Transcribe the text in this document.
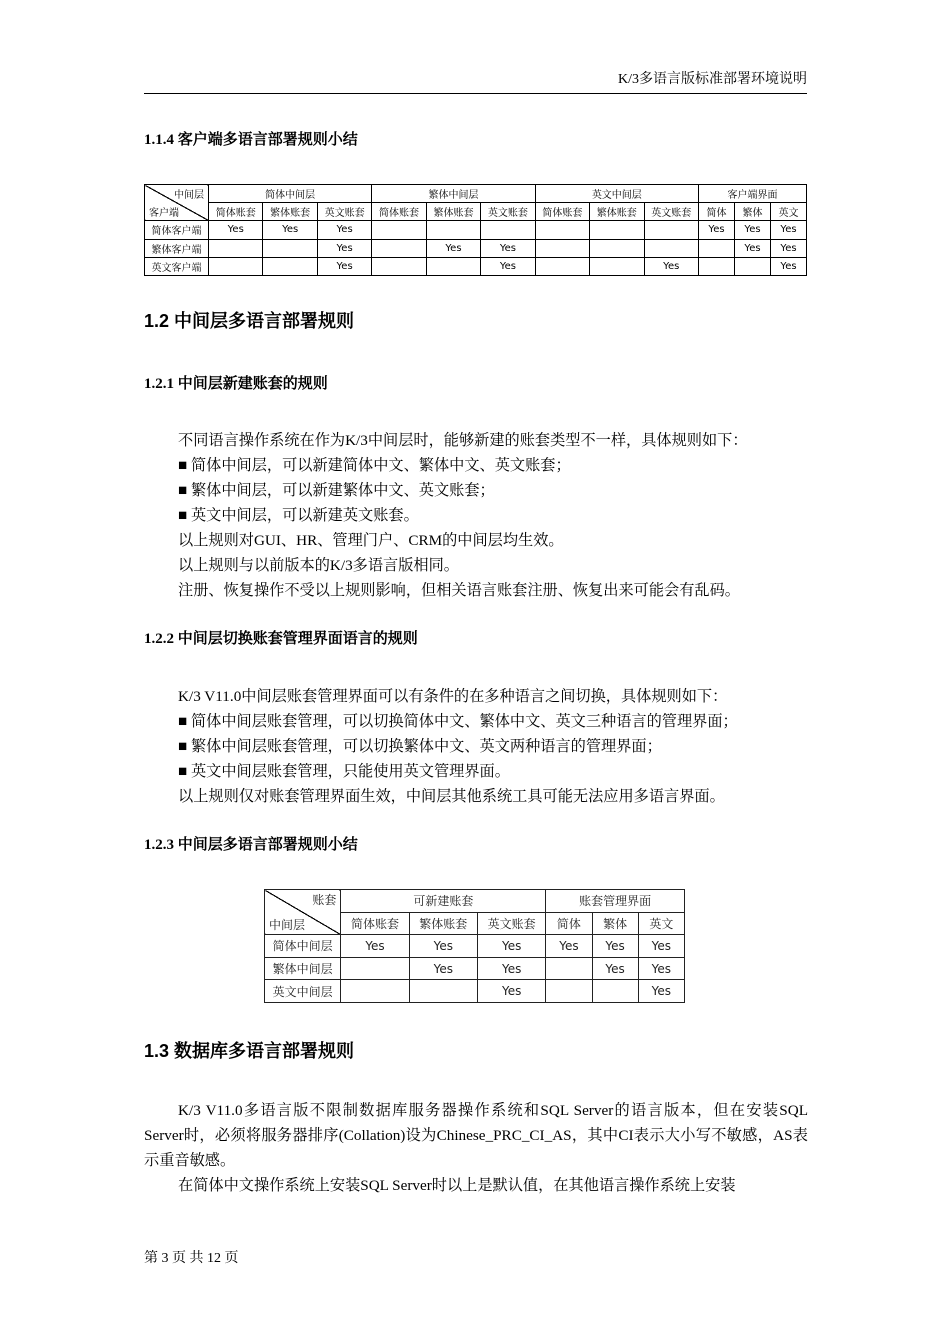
K/3多语言版标准部署环境说明
1.1.4 客户端多语言部署规则小结
中间层
客户端	简体中间层			繁体中间层			英文中间层			客户端界面		
	简体账套	繁体账套	英文账套	简体账套	繁体账套	英文账套	简体账套	繁体账套	英文账套	简体	繁体	英文
简体客户端	Yes	Yes	Yes							Yes	Yes	Yes
繁体客户端			Yes		Yes	Yes					Yes	Yes
英文客户端			Yes			Yes			Yes			Yes
1.2 中间层多语言部署规则
1.2.1 中间层新建账套的规则

不同语言操作系统在作为K/3中间层时，能够新建的账套类型不一样，具体规则如下：

■ 简体中间层，可以新建简体中文、繁体中文、英文账套；

■ 繁体中间层，可以新建繁体中文、英文账套；

■ 英文中间层，可以新建英文账套。

以上规则对GUI、HR、管理门户、CRM的中间层均生效。

以上规则与以前版本的K/3多语言版相同。

注册、恢复操作不受以上规则影响，但相关语言账套注册、恢复出来可能会有乱码。

1.2.2 中间层切换账套管理界面语言的规则

K/3 V11.0中间层账套管理界面可以有条件的在多种语言之间切换，具体规则如下：

■ 简体中间层账套管理，可以切换简体中文、繁体中文、英文三种语言的管理界面；

■ 繁体中间层账套管理，可以切换繁体中文、英文两种语言的管理界面；

■ 英文中间层账套管理，只能使用英文管理界面。

以上规则仅对账套管理界面生效，中间层其他系统工具可能无法应用多语言界面。

1.2.3 中间层多语言部署规则小结
账套
中间层	可新建账套			账套管理界面		
	简体账套	繁体账套	英文账套	简体	繁体	英文
简体中间层	Yes	Yes	Yes	Yes	Yes	Yes
繁体中间层		Yes	Yes		Yes	Yes
英文中间层			Yes			Yes
1.3 数据库多语言部署规则

K/3 V11.0多语言版不限制数据库服务器操作系统和SQL Server的语言版本，但在安装SQL Server时，必须将服务器排序(Collation)设为Chinese_PRC_CI_AS，其中CI表示大小写不敏感，AS表示重音敏感。

在简体中文操作系统上安装SQL Server时以上是默认值，在其他语言操作系统上安装

第 3 页 共 12 页
